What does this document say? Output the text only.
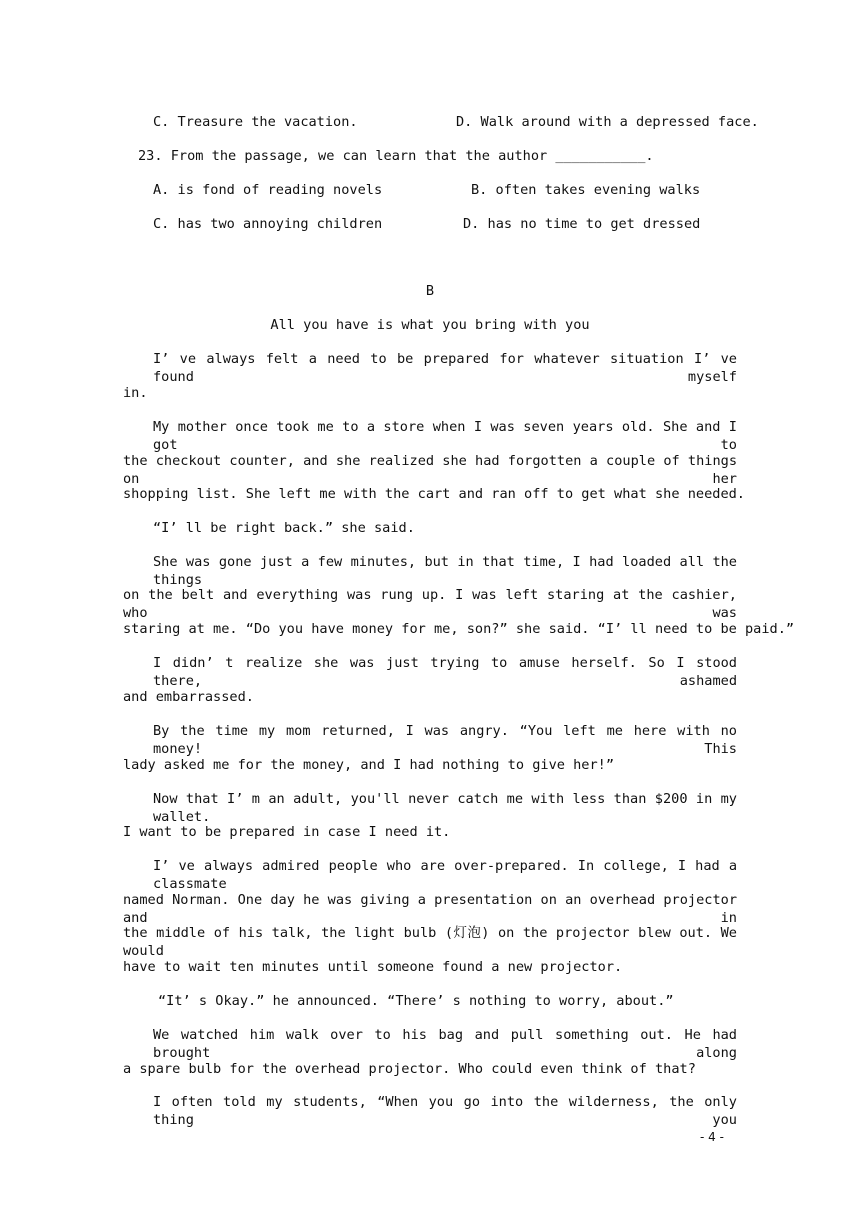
C. Treasure the vacation.	D. Walk around with a depressed face.
23. From the passage, we can learn that the author ___________.
A. is fond of reading novels	B. often takes evening walks
C. has two annoying children	D. has no time to get dressed
B
All you have is what you bring with you
I’ ve always felt a need to be prepared for whatever situation I’ ve found myself
in.
My mother once took me to a store when I was seven years old. She and I got to
the checkout counter, and she realized she had forgotten a couple of things on her
shopping list. She left me with the cart and ran off to get what she needed.
“I’ ll be right back.” she said.
She was gone just a few minutes, but in that time, I had loaded all the things
on the belt and everything was rung up. I was left staring at the cashier, who was
staring at me. “Do you have money for me, son?” she said. “I’ ll need to be paid.”
I didn’ t realize she was just trying to amuse herself. So I stood there, ashamed
and embarrassed.
By the time my mom returned, I was angry. “You left me here with no money! This
lady asked me for the money, and I had nothing to give her!”
Now that I’ m an adult, you'll never catch me with less than $200 in my wallet.
I want to be prepared in case I need it.
I’ ve always admired people who are over-prepared. In college, I had a classmate
named Norman. One day he was giving a presentation on an overhead projector and in
the middle of his talk, the light bulb (灯泡) on the projector blew out. We would
have to wait ten minutes until someone found a new projector.
“It’ s Okay.” he announced. “There’ s nothing to worry, about.”
We watched him walk over to his bag and pull something out. He had brought along
a spare bulb for the overhead projector. Who could even think of that?
I often told my students, “When you go into the wilderness, the only thing you
- 4 -
